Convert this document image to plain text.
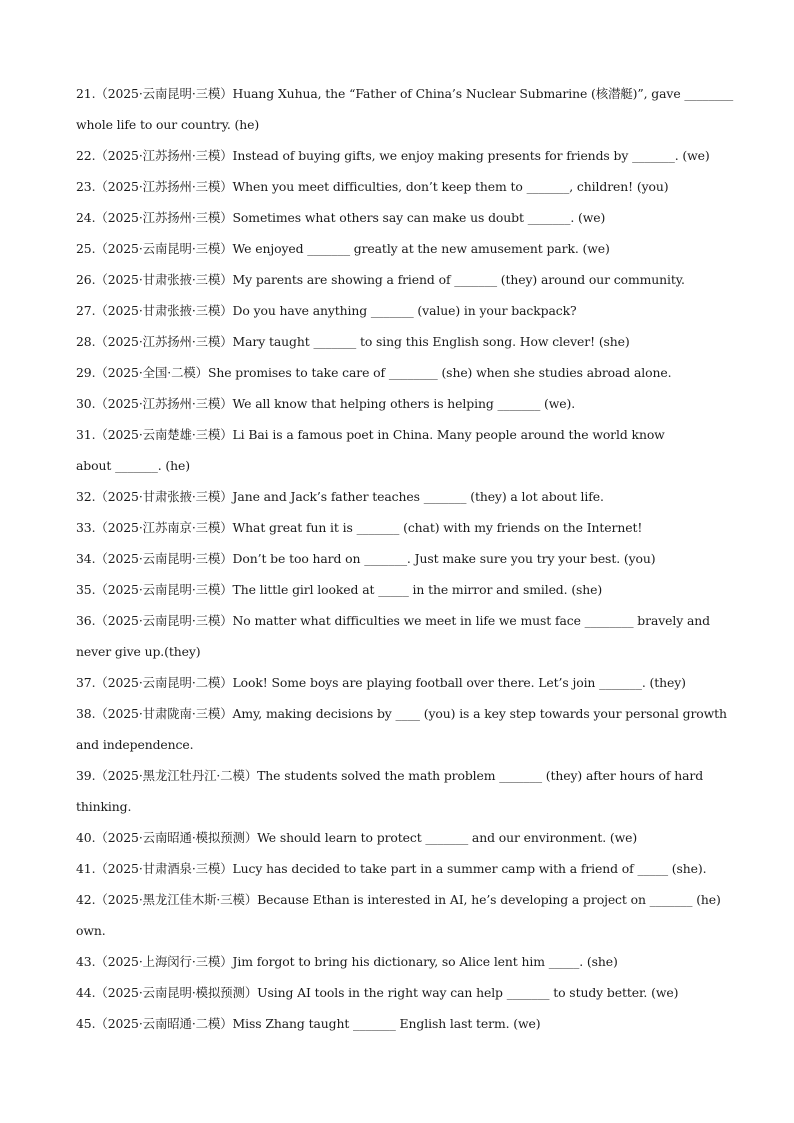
21.（2025·云南昆明·三模）Huang Xuhua, the “Father of China’s Nuclear Submarine (核潜艇)”, gave ________
whole life to our country. (he)
22.（2025·江苏扬州·三模）Instead of buying gifts, we enjoy making presents for friends by _______. (we)
23.（2025·江苏扬州·三模）When you meet difficulties, don’t keep them to _______, children! (you)
24.（2025·江苏扬州·三模）Sometimes what others say can make us doubt _______. (we)
25.（2025·云南昆明·三模）We enjoyed _______ greatly at the new amusement park. (we)
26.（2025·甘肃张掖·三模）My parents are showing a friend of _______ (they) around our community.
27.（2025·甘肃张掖·三模）Do you have anything _______ (value) in your backpack?
28.（2025·江苏扬州·三模）Mary taught _______ to sing this English song. How clever! (she)
29.（2025·全国·二模）She promises to take care of ________ (she) when she studies abroad alone.
30.（2025·江苏扬州·三模）We all know that helping others is helping _______ (we).
31.（2025·云南楚雄·三模）Li Bai is a famous poet in China. Many people around the world know
about _______. (he)
32.（2025·甘肃张掖·三模）Jane and Jack’s father teaches _______ (they) a lot about life.
33.（2025·江苏南京·三模）What great fun it is _______ (chat) with my friends on the Internet!
34.（2025·云南昆明·三模）Don’t be too hard on _______. Just make sure you try your best. (you)
35.（2025·云南昆明·三模）The little girl looked at _____ in the mirror and smiled. (she)
36.（2025·云南昆明·三模）No matter what difficulties we meet in life we must face ________ bravely and
never give up.(they)
37.（2025·云南昆明·二模）Look! Some boys are playing football over there. Let’s join _______. (they)
38.（2025·甘肃陇南·三模）Amy, making decisions by ____ (you) is a key step towards your personal growth
and independence.
39.（2025·黑龙江牡丹江·二模）The students solved the math problem _______ (they) after hours of hard
thinking.
40.（2025·云南昭通·模拟预测）We should learn to protect _______ and our environment. (we)
41.（2025·甘肃酒泉·三模）Lucy has decided to take part in a summer camp with a friend of _____ (she).
42.（2025·黑龙江佳木斯·三模）Because Ethan is interested in AI, he’s developing a project on _______ (he)
own.
43.（2025·上海闵行·三模）Jim forgot to bring his dictionary, so Alice lent him _____. (she)
44.（2025·云南昆明·模拟预测）Using AI tools in the right way can help _______ to study better. (we)
45.（2025·云南昭通·二模）Miss Zhang taught _______ English last term. (we)
